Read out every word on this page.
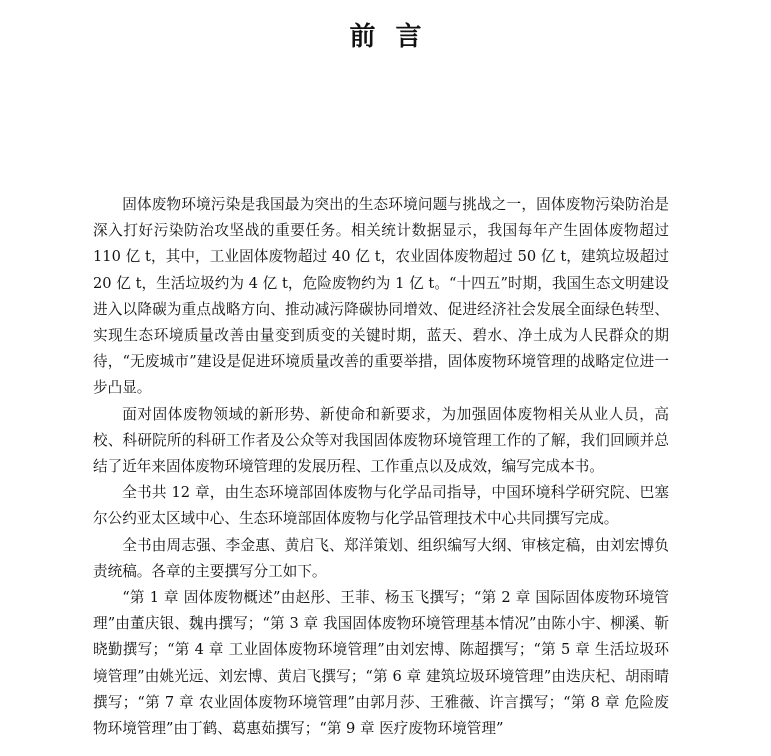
前言

固体废物环境污染是我国最为突出的生态环境问题与挑战之一，固体废物污染防治是深入打好污染防治攻坚战的重要任务。相关统计数据显示，我国每年产生固体废物超过 110 亿 t，其中，工业固体废物超过 40 亿 t，农业固体废物超过 50 亿 t，建筑垃圾超过 20 亿 t，生活垃圾约为 4 亿 t，危险废物约为 1 亿 t。“十四五”时期，我国生态文明建设进入以降碳为重点战略方向、推动减污降碳协同增效、促进经济社会发展全面绿色转型、实现生态环境质量改善由量变到质变的关键时期，蓝天、碧水、净土成为人民群众的期待，“无废城市”建设是促进环境质量改善的重要举措，固体废物环境管理的战略定位进一步凸显。

面对固体废物领域的新形势、新使命和新要求，为加强固体废物相关从业人员，高校、科研院所的科研工作者及公众等对我国固体废物环境管理工作的了解，我们回顾并总结了近年来固体废物环境管理的发展历程、工作重点以及成效，编写完成本书。

全书共 12 章，由生态环境部固体废物与化学品司指导，中国环境科学研究院、巴塞尔公约亚太区域中心、生态环境部固体废物与化学品管理技术中心共同撰写完成。

全书由周志强、李金惠、黄启飞、郑洋策划、组织编写大纲、审核定稿，由刘宏博负责统稿。各章的主要撰写分工如下。

“第 1 章 固体废物概述”由赵彤、王菲、杨玉飞撰写；“第 2 章 国际固体废物环境管理”由董庆银、魏冉撰写；“第 3 章 我国固体废物环境管理基本情况”由陈小宇、柳溪、靳晓勤撰写；“第 4 章 工业固体废物环境管理”由刘宏博、陈超撰写；“第 5 章 生活垃圾环境管理”由姚光远、刘宏博、黄启飞撰写；“第 6 章 建筑垃圾环境管理”由迭庆杞、胡雨晴撰写；“第 7 章 农业固体废物环境管理”由郭月莎、王雅薇、许言撰写；“第 8 章 危险废物环境管理”由丁鹤、葛惠茹撰写；“第 9 章 医疗废物环境管理”
